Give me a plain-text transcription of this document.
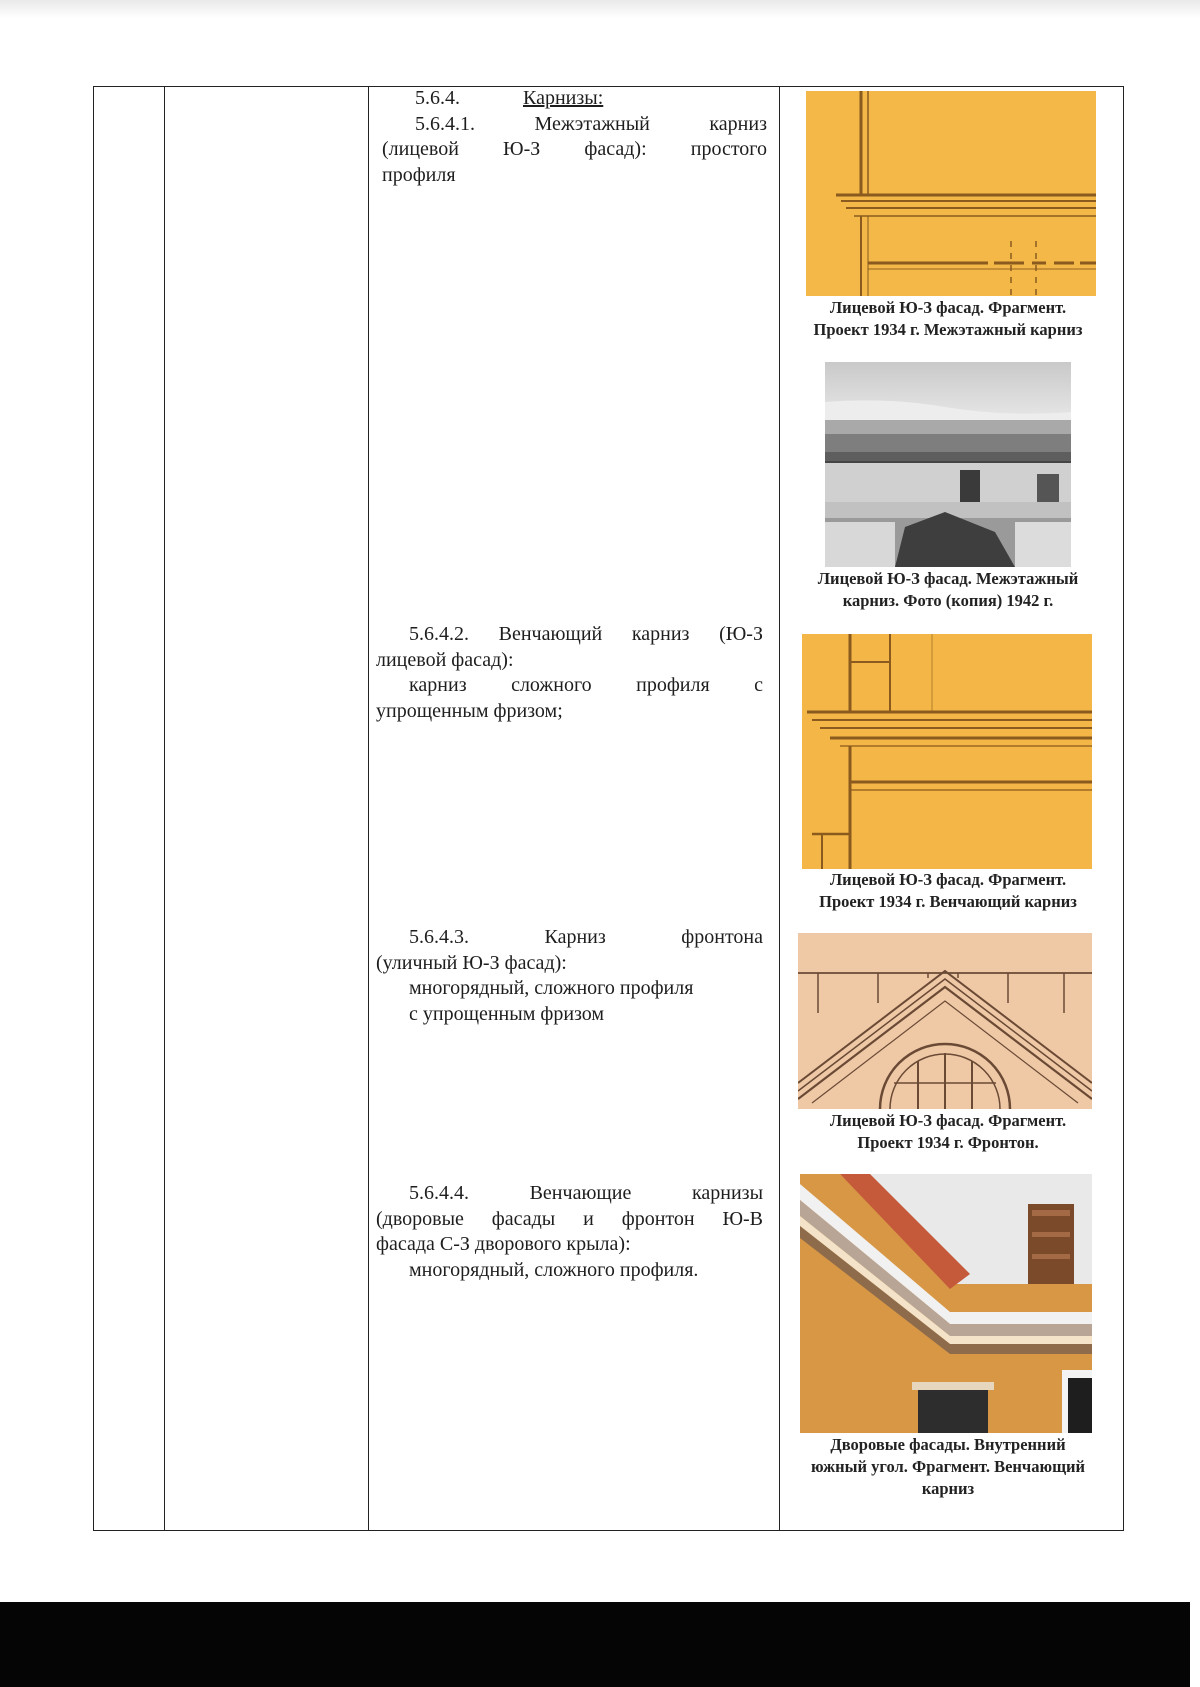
5.6.4.	Карнизы:

5.6.4.1.	Межэтажный	карниз

(лицевой Ю-З фасад): простого

профиля

5.6.4.2. Венчающий карниз (Ю-З

лицевой фасад):

карниз сложного профиля с

упрощенным фризом;

5.6.4.3.	Карниз	фронтона

(уличный Ю-З фасад):

многорядный, сложного профиля

с упрощенным фризом

5.6.4.4.	Венчающие	карнизы

(дворовые фасады и фронтон Ю-В

фасада С-З дворового крыла):

многорядный, сложного профиля.

Лицевой Ю-З фасад. Фрагмент.
Проект 1934 г. Межэтажный карниз
Лицевой Ю-З фасад. Межэтажный
карниз. Фото (копия) 1942 г.
Лицевой Ю-З фасад. Фрагмент.
Проект 1934 г. Венчающий карниз
Лицевой Ю-З фасад. Фрагмент.
Проект 1934 г. Фронтон.
Дворовые фасады. Внутренний
южный угол. Фрагмент. Венчающий
карниз
